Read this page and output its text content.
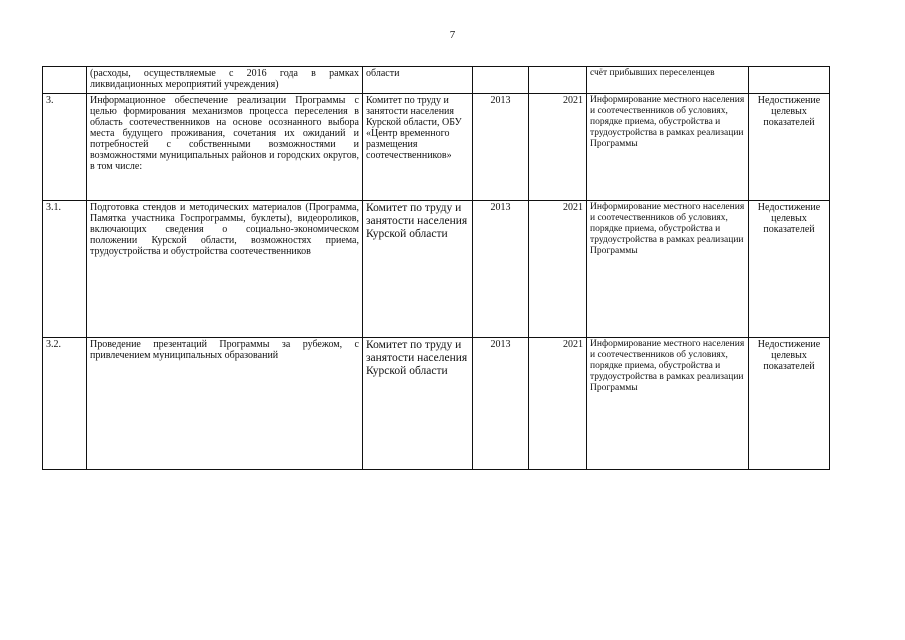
7
	(расходы, осуществляемые с 2016 года в рамках ликвидационных мероприятий учреждения)	области			счёт прибывших переселенцев	
3.	Информационное обеспечение реализации Программы с целью формирования механизмов процесса переселения в область соотечественников на основе осознанного выбора места будущего проживания, сочетания их ожиданий и потребностей с собственными возможностями и возможностями муниципальных районов и городских округов, в том числе:	Комитет по труду и занятости населения Курской области, ОБУ «Центр временного размещения соотечественников»	2013	2021	Информирование местного населения и соотечественников об условиях, порядке приема, обустройства и трудоустройства в рамках реализации Программы	Недостижение целевых показателей
3.1.	Подготовка стендов и методических материалов (Программа, Памятка участника Госпрограммы, буклеты), видеороликов, включающих сведения о социально-экономическом положении Курской области, возможностях приема, трудоустройства и обустройства соотечественников	Комитет по труду и занятости населения Курской области	2013	2021	Информирование местного населения и соотечественников об условиях, порядке приема, обустройства и трудоустройства в рамках реализации Программы	Недостижение целевых показателей
3.2.	Проведение презентаций Программы за рубежом, с привлечением муниципальных образований	Комитет по труду и занятости населения Курской области	2013	2021	Информирование местного населения и соотечественников об условиях, порядке приема, обустройства и трудоустройства в рамках реализации Программы	Недостижение целевых показателей
